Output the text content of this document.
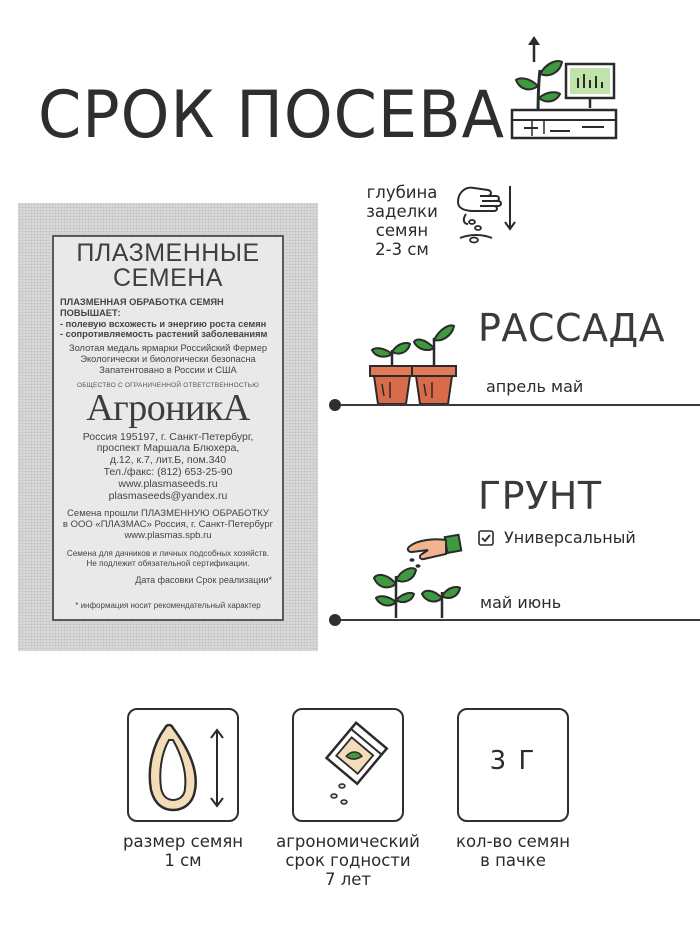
СРОК ПОСЕВА
ПЛАЗМЕННЫЕ
СЕМЕНА
ПЛАЗМЕННАЯ ОБРАБОТКА СЕМЯН ПОВЫШАЕТ:
- полевую всхожесть и энергию роста семян
- сопротивляемость растений заболеваниям
Золотая медаль ярмарки Российский Фермер
Экологически и биологически безопасна
Запатентовано в России и США
ОБЩЕСТВО С ОГРАНИЧЕННОЙ ОТВЕТСТВЕННОСТЬЮ
АгроникА
Россия 195197, г. Санкт-Петербург,
проспект Маршала Блюхера,
д.12, к.7, лит.Б, пом.340
Тел./факс: (812) 653-25-90
www.plasmaseeds.ru
plasmaseeds@yandex.ru
Семена прошли ПЛАЗМЕННУЮ ОБРАБОТКУ
в ООО «ПЛАЗМАС» Россия, г. Санкт-Петербург
www.plasmas.spb.ru
Семена для дачников и личных подсобных хозяйств.
Не подлежит обязательной сертификации.
Дата фасовки Срок реализации*
* информация носит рекомендательный характер
глубина
заделки
семян
2-3 см
РАССАДА
апрель май
ГРУНТ
Универсальный
май июнь
размер семян
1 см
агрономический
срок годности
7 лет
3 Г
кол-во семян
в пачке
